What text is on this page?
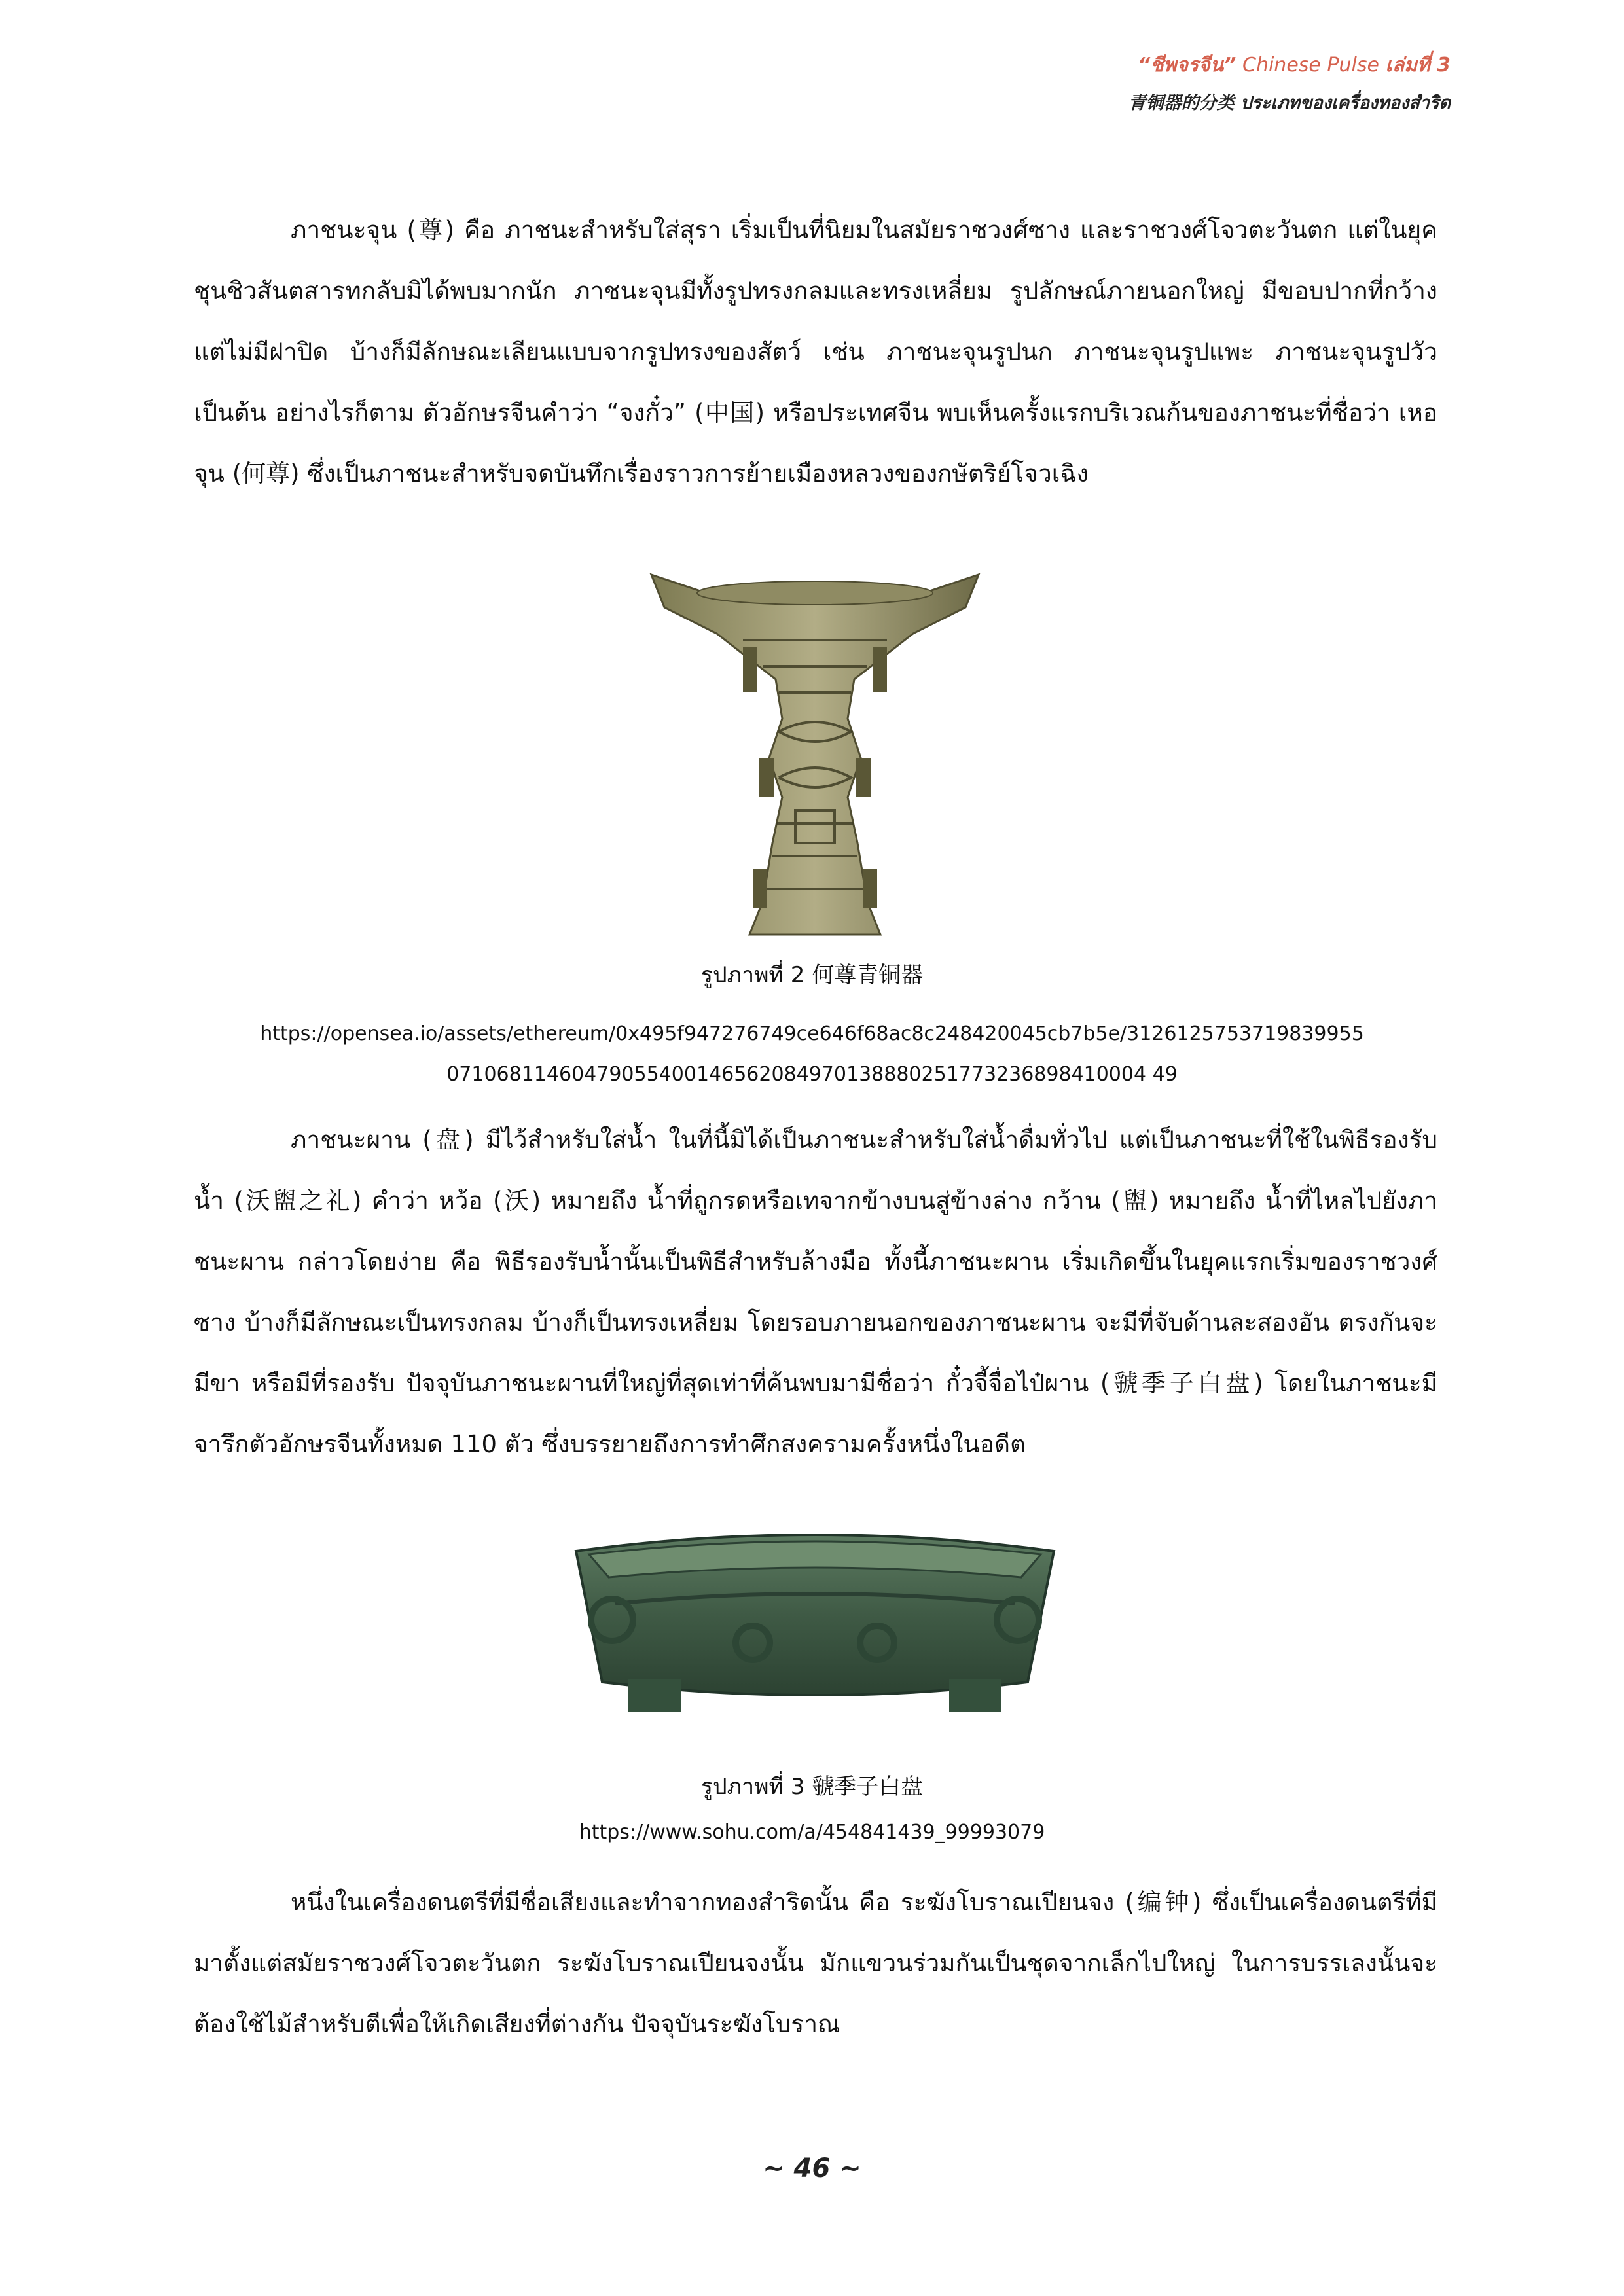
“ชีพจรจีน” Chinese Pulse เล่มที่ 3
青铜器的分类 ประเภทของเครื่องทองสำริด
ภาชนะจุน (尊) คือ ภาชนะสำหรับใส่สุรา เริ่มเป็นที่นิยมในสมัยราชวงศ์ซาง และราชวงศ์โจวตะวันตก แต่ในยุคชุนชิวสันตสารทกลับมิได้พบมากนัก ภาชนะจุนมีทั้งรูปทรงกลมและทรงเหลี่ยม รูปลักษณ์ภายนอกใหญ่ มีขอบปากที่กว้าง แต่ไม่มีฝาปิด บ้างก็มีลักษณะเลียนแบบจากรูปทรงของสัตว์ เช่น ภาชนะจุนรูปนก ภาชนะจุนรูปแพะ ภาชนะจุนรูปวัว เป็นต้น อย่างไรก็ตาม ตัวอักษรจีนคำว่า “จงกั๋ว” (中国) หรือประเทศจีน พบเห็นครั้งแรกบริเวณก้นของภาชนะที่ชื่อว่า เหอจุน (何尊) ซึ่งเป็นภาชนะสำหรับจดบันทึกเรื่องราวการย้ายเมืองหลวงของกษัตริย์โจวเฉิง
รูปภาพที่ 2 何尊青铜器
https://opensea.io/assets/ethereum/0x495f947276749ce646f68ac8c248420045cb7b5e/3126125753719839955
07106811460479055400146562084970138880251773236898410004 49
ภาชนะผาน (盘) มีไว้สำหรับใส่น้ำ ในที่นี้มิได้เป็นภาชนะสำหรับใส่น้ำดื่มทั่วไป แต่เป็นภาชนะที่ใช้ในพิธีรองรับน้ำ (沃盥之礼) คำว่า หว้อ (沃) หมายถึง น้ำที่ถูกรดหรือเทจากข้างบนสู่ข้างล่าง กว้าน (盥) หมายถึง น้ำที่ไหลไปยังภาชนะผาน กล่าวโดยง่าย คือ พิธีรองรับน้ำนั้นเป็นพิธีสำหรับล้างมือ ทั้งนี้ภาชนะผาน เริ่มเกิดขึ้นในยุคแรกเริ่มของราชวงศ์ซาง บ้างก็มีลักษณะเป็นทรงกลม บ้างก็เป็นทรงเหลี่ยม โดยรอบภายนอกของภาชนะผาน จะมีที่จับด้านละสองอัน ตรงกันจะมีขา หรือมีที่รองรับ ปัจจุบันภาชนะผานที่ใหญ่ที่สุดเท่าที่ค้นพบมามีชื่อว่า กั๋วจี้จื่อไป๋ผาน (虢季子白盘) โดยในภาชนะมีจารึกตัวอักษรจีนทั้งหมด 110 ตัว ซึ่งบรรยายถึงการทำศึกสงครามครั้งหนึ่งในอดีต
รูปภาพที่ 3 虢季子白盘
https://www.sohu.com/a/454841439_99993079
หนึ่งในเครื่องดนตรีที่มีชื่อเสียงและทำจากทองสำริดนั้น คือ ระฆังโบราณเปียนจง (编钟) ซึ่งเป็นเครื่องดนตรีที่มีมาตั้งแต่สมัยราชวงศ์โจวตะวันตก ระฆังโบราณเปียนจงนั้น มักแขวนร่วมกันเป็นชุดจากเล็กไปใหญ่ ในการบรรเลงนั้นจะต้องใช้ไม้สำหรับตีเพื่อให้เกิดเสียงที่ต่างกัน ปัจจุบันระฆังโบราณ
~ 46 ~
